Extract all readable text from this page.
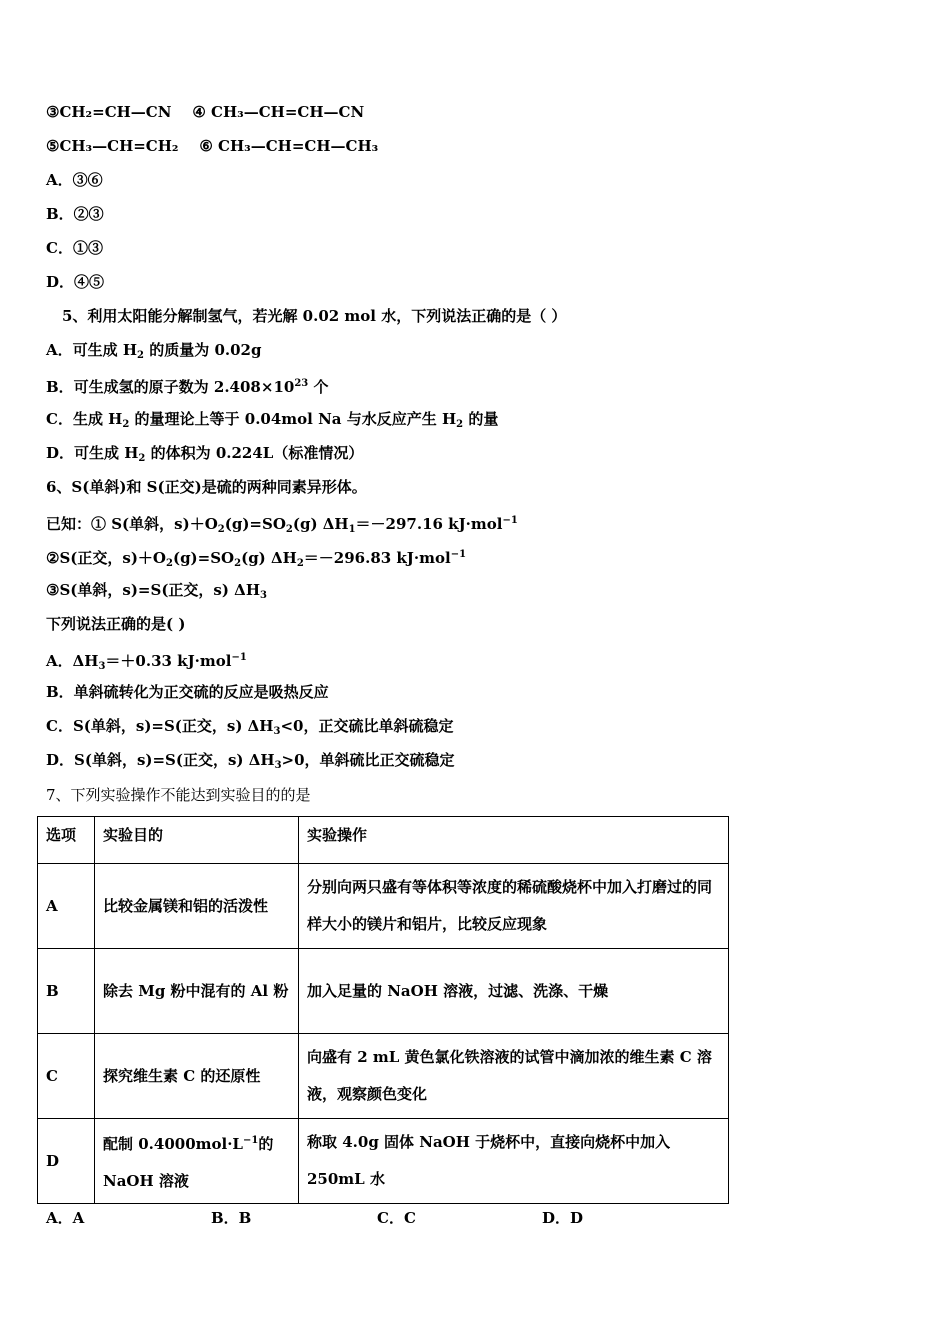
③CH₂=CH—CN ④ CH₃—CH=CH—CN
⑤CH₃—CH=CH₂ ⑥ CH₃—CH=CH—CH₃
A．③⑥
B．②③
C．①③
D．④⑤
5、利用太阳能分解制氢气，若光解 0.02 mol 水，下列说法正确的是（ ）
A．可生成 $H_2$ 的质量为 0.02g
B．可生成氢的原子数为 $2.408\times 10^{23}$ 个
C．生成 $H_2$ 的量理论上等于 0.04mol Na 与水反应产生 $H_2$ 的量
D．可生成 $H_2$ 的体积为 0.224L（标准情况）
6、S(单斜)和 S(正交)是硫的两种同素异形体。
已知：① S(单斜，$s)+O_2(g)=SO_2(g)$ $\Delta H_1=-297.16$ kJ·mol$^{-1}$
②S(正交，$s)+O_2(g)=SO_2(g)$ $\Delta H_2=-296.83$ kJ·mol$^{-1}$
③S(单斜，s)=S(正交，s) $\Delta H_3$
下列说法正确的是( )
A．$\Delta H_3=+0.33$ kJ·mol$^{-1}$
B．单斜硫转化为正交硫的反应是吸热反应
C．S(单斜，s)=S(正交，s) $\Delta H_3<0$，正交硫比单斜硫稳定
D．S(单斜，s)=S(正交，s) $\Delta H_3>0$，单斜硫比正交硫稳定
7、下列实验操作不能达到实验目的的是
选项	实验目的	实验操作
A	比较金属镁和铝的活泼性	分别向两只盛有等体积等浓度的稀硫酸烧杯中加入打磨过的同样大小的镁片和铝片，比较反应现象
B	除去 Mg 粉中混有的 Al 粉	加入足量的 NaOH 溶液，过滤、洗涤、干燥
C	探究维生素 C 的还原性	向盛有 2 mL 黄色氯化铁溶液的试管中滴加浓的维生素 C 溶液，观察颜色变化
D	配制 $0.4000mol\cdot L^{-1}$的 NaOH 溶液	称取 4.0g 固体 NaOH 于烧杯中，直接向烧杯中加入 250mL 水
A．A	B．B	C．C	D．D
